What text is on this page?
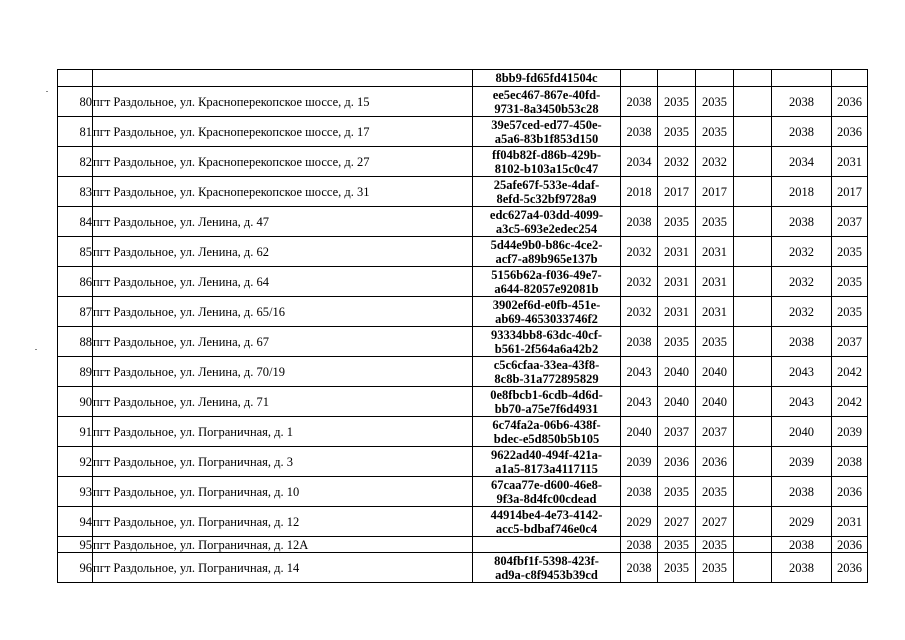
		8bb9-fd65fd41504c						

80	пгт Раздольное, ул. Красноперекопское шоссе, д. 15	ee5ec467-867e-40fd-
9731-8a3450b53c28	2038	2035	2035		2038	2036
81	пгт Раздольное, ул. Красноперекопское шоссе, д. 17	39e57ced-ed77-450e-
a5a6-83b1f853d150	2038	2035	2035		2038	2036
82	пгт Раздольное, ул. Красноперекопское шоссе, д. 27	ff04b82f-d86b-429b-
8102-b103a15c0c47	2034	2032	2032		2034	2031
83	пгт Раздольное, ул. Красноперекопское шоссе, д. 31	25afe67f-533e-4daf-
8efd-5c32bf9728a9	2018	2017	2017		2018	2017
84	пгт Раздольное, ул. Ленина, д. 47	edc627a4-03dd-4099-
a3c5-693e2edec254	2038	2035	2035		2038	2037
85	пгт Раздольное, ул. Ленина, д. 62	5d44e9b0-b86c-4ce2-
acf7-a89b965e137b	2032	2031	2031		2032	2035
86	пгт Раздольное, ул. Ленина, д. 64	5156b62a-f036-49e7-
a644-82057e92081b	2032	2031	2031		2032	2035
87	пгт Раздольное, ул. Ленина, д. 65/16	3902ef6d-e0fb-451e-
ab69-4653033746f2	2032	2031	2031		2032	2035
88	пгт Раздольное, ул. Ленина, д. 67	93334bb8-63dc-40cf-
b561-2f564a6a42b2	2038	2035	2035		2038	2037
89	пгт Раздольное, ул. Ленина, д. 70/19	c5c6cfaa-33ea-43f8-
8c8b-31a772895829	2043	2040	2040		2043	2042
90	пгт Раздольное, ул. Ленина, д. 71	0e8fbcb1-6cdb-4d6d-
bb70-a75e7f6d4931	2043	2040	2040		2043	2042
91	пгт Раздольное, ул. Пограничная, д. 1	6c74fa2a-06b6-438f-
bdec-e5d850b5b105	2040	2037	2037		2040	2039
92	пгт Раздольное, ул. Пограничная, д. 3	9622ad40-494f-421a-
a1a5-8173a4117115	2039	2036	2036		2039	2038
93	пгт Раздольное, ул. Пограничная, д. 10	67caa77e-d600-46e8-
9f3a-8d4fc00cdead	2038	2035	2035		2038	2036
94	пгт Раздольное, ул. Пограничная, д. 12	44914be4-4e73-4142-
acc5-bdbaf746e0c4	2029	2027	2027		2029	2031
95	пгт Раздольное, ул. Пограничная, д. 12А		2038	2035	2035		2038	2036
96	пгт Раздольное, ул. Пограничная, д. 14	804fbf1f-5398-423f-
ad9a-c8f9453b39cd	2038	2035	2035		2038	2036
